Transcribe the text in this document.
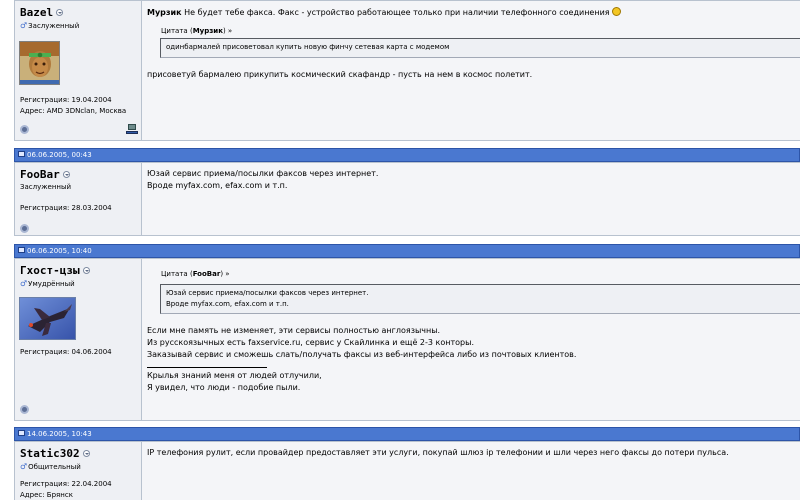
Bazel
♂Заслуженный
Регистрация: 19.04.2004
Адрес: AMD 3DNclan, Москва
Мурзик Не будет тебе факса. Факс - устройство работающее только при наличии телефонного соединения
Цитата (Мурзик) »
одинбармалей присоветовал купить новую финчу сетевая карта с модемом
присоветуй бармалею прикупить космический скафандр - пусть на нем в космос полетит.
06.06.2005, 00:43
FooBar
Заслуженный
Регистрация: 28.03.2004
Юзай сервис приема/посылки факсов через интернет.
Вроде myfax.com, efax.com и т.п.
06.06.2005, 10:40
Гхост-цзы
♂Умудрённый
Регистрация: 04.06.2004
Цитата (FooBar) »
Юзай сервис приема/посылки факсов через интернет.
Вроде myfax.com, efax.com и т.п.
Если мне память не изменяет, эти сервисы полностью англоязычны.
Из русскоязычных есть faxservice.ru, сервис у Скайлинка и ещё 2-3 конторы.
Заказывай сервис и сможешь слать/получать факсы из веб-интерфейса либо из почтовых клиентов.
Крылья знаний меня от людей отлучили,
Я увидел, что люди - подобие пыли.
14.06.2005, 10:43
Static302
♂Общительный
Регистрация: 22.04.2004
Адрес: Брянск
IP телефония рулит, если провайдер предоставляет эти услуги, покупай шлюз ip телефонии и шли через него факсы до потери пульса.
